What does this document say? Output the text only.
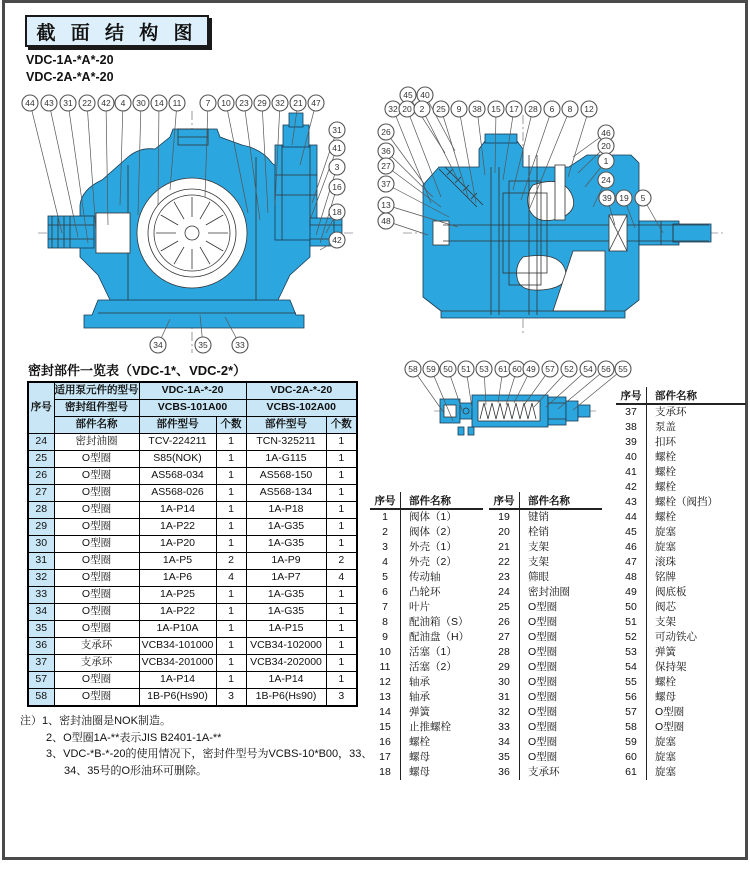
截 面 结 构 图
VDC-1A-*A*-20
VDC-2A-*A*-20
44 43 31 22 42 4 30 14 11	7 10 23 29 32 21 47
31
41
3
16
18
42
34	35	33
45 40
32 20 2 25 9 38 15 17 28 6 8 12
26
36
27
37
13
48
46
20
1
24
39 19 5
58 59 50 51 53 61 60 49 57 52 54 56 55
密封部件一览表（VDC-1*、VDC-2*）
序号	适用泵元件的型号	VDC-1A-*-20		VDC-2A-*-20	
	密封组件型号	VCBS-101A00		VCBS-102A00	
	部件名称	部件型号	个数	部件型号	个数
24	密封油圈	TCV-224211	1	TCN-325211	1
25	O型圈	S85(NOK)	1	1A-G115	1
26	O型圈	AS568-034	1	AS568-150	1
27	O型圈	AS568-026	1	AS568-134	1
28	O型圈	1A-P14	1	1A-P18	1
29	O型圈	1A-P22	1	1A-G35	1
30	O型圈	1A-P20	1	1A-G35	1
31	O型圈	1A-P5	2	1A-P9	2
32	O型圈	1A-P6	4	1A-P7	4
33	O型圈	1A-P25	1	1A-G35	1
34	O型圈	1A-P22	1	1A-G35	1
35	O型圈	1A-P10A	1	1A-P15	1
36	支承环	VCB34-101000	1	VCB34-102000	1
37	支承环	VCB34-201000	1	VCB34-202000	1
57	O型圈	1A-P14	1	1A-P14	1
58	O型圈	1B-P6(Hs90)	3	1B-P6(Hs90)	3
注）1、密封油圈是NOK制造。
2、O型圈1A-**表示JIS B2401-1A-**
3、VDC-*B-*-20的使用情况下，密封件型号为VCBS-10*B00，33、
34、35号的O形油环可删除。
序号	部件名称
1	阀体（1）
2	阀体（2）
3	外壳（1）
4	外壳（2）
5	传动轴
6	凸轮环
7	叶片
8	配油箱（S）
9	配油盘（H）
10	活塞（1）
11	活塞（2）
12	轴承
13	轴承
14	弹簧
15	止推螺栓
16	螺栓
17	螺母
18	螺母
序号	部件名称
19	键销
20	栓销
21	支架
22	支架
23	筛眼
24	密封油圈
25	O型圈
26	O型圈
27	O型圈
28	O型圈
29	O型圈
30	O型圈
31	O型圈
32	O型圈
33	O型圈
34	O型圈
35	O型圈
36	支承环
序号	部件名称
37	支承环
38	泵盖
39	扣环
40	螺栓
41	螺栓
42	螺栓
43	螺栓（阀挡）
44	螺栓
45	旋塞
46	旋塞
47	滚珠
48	铭牌
49	阀底板
50	阀芯
51	支架
52	可动铁心
53	弹簧
54	保持架
55	螺栓
56	螺母
57	O型圈
58	O型圈
59	旋塞
60	旋塞
61	旋塞
